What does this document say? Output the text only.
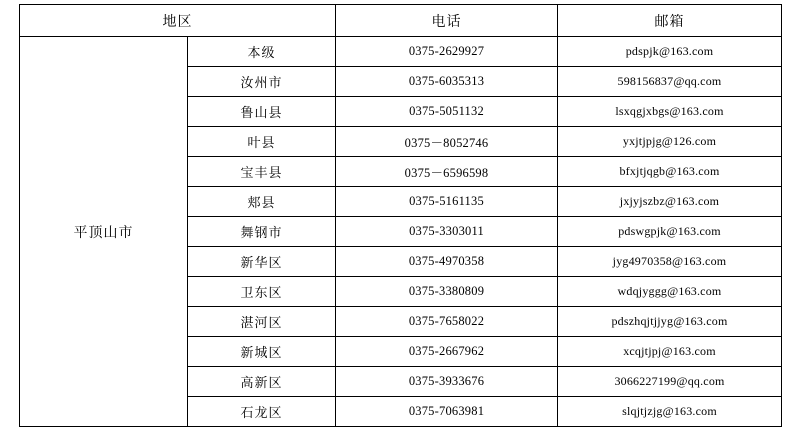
地区		电话	邮箱
平顶山市	本级	0375-2629927	pdspjk@163.com
	汝州市	0375-6035313	598156837@qq.com
	鲁山县	0375-5051132	lsxqgjxbgs@163.com
	叶县	0375－8052746	yxjtjpjg@126.com
	宝丰县	0375－6596598	bfxjtjqgb@163.com
	郏县	0375-5161135	jxjyjszbz@163.com
	舞钢市	0375-3303011	pdswgpjk@163.com
	新华区	0375-4970358	jyg4970358@163.com
	卫东区	0375-3380809	wdqjyggg@163.com
	湛河区	0375-7658022	pdszhqjtjjyg@163.com
	新城区	0375-2667962	xcqjtjpj@163.com
	高新区	0375-3933676	3066227199@qq.com
	石龙区	0375-7063981	slqjtjzjg@163.com
